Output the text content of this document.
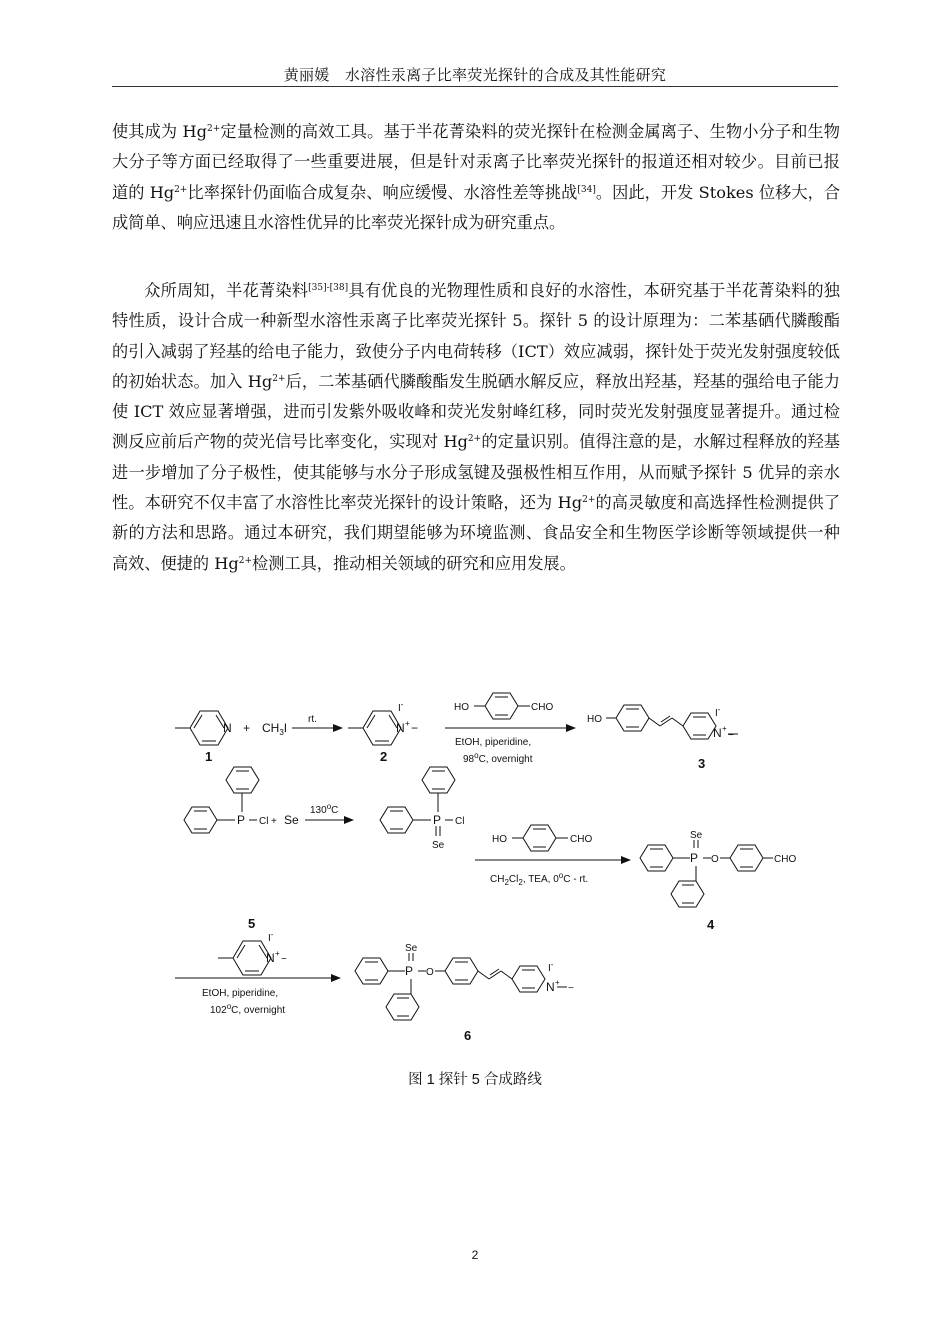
黄丽媛　水溶性汞离子比率荧光探针的合成及其性能研究
使其成为 $Hg^{2+}$定量检测的高效工具。基于半花菁染料的荧光探针在检测金属离子、生物小分子和生物大分子等方面已经取得了一些重要进展，但是针对汞离子比率荧光探针的报道还相对较少。目前已报道的 $Hg^{2+}$比率探针仍面临合成复杂、响应缓慢、水溶性差等挑战[34]。因此，开发 Stokes 位移大，合成简单、响应迅速且水溶性优异的比率荧光探针成为研究重点。
众所周知，半花菁染料[35]-[38]具有优良的光物理性质和良好的水溶性，本研究基于半花菁染料的独特性质，设计合成一种新型水溶性汞离子比率荧光探针 5。探针 5 的设计原理为：二苯基硒代膦酸酯的引入减弱了羟基的给电子能力，致使分子内电荷转移（ICT）效应减弱，探针处于荧光发射强度较低的初始状态。加入 $Hg^{2+}$后，二苯基硒代膦酸酯发生脱硒水解反应，释放出羟基，羟基的强给电子能力使 ICT 效应显著增强，进而引发紫外吸收峰和荧光发射峰红移，同时荧光发射强度显著提升。通过检测反应前后产物的荧光信号比率变化，实现对 $Hg^{2+}$的定量识别。值得注意的是，水解过程释放的羟基进一步增加了分子极性，使其能够与水分子形成氢键及强极性相互作用，从而赋予探针 5 优异的亲水性。本研究不仅丰富了水溶性比率荧光探针的设计策略，还为 $Hg^{2+}$的高灵敏度和高选择性检测提供了新的方法和思路。通过本研究，我们期望能够为环境监测、食品安全和生物医学诊断等领域提供一种高效、便捷的 $Hg^{2+}$检测工具，推动相关领域的研究和应用发展。
$N + CH_3I$
rt.
N + −
I-	HO	CHO
EtOH, piperidine,
98$^o$C, overnight
HO
N +
I-
−
P Cl + Se
130$^o$C
P Cl
Se
HO	CHO
$CH_2Cl_2$, TEA, 0$^o$C - rt.
P
Se
O	CHO
N +
−
I-
EtOH, piperidine,
102$^o$C, overnight
P
Se
O
N +
I-
−
1	2	3
5	4
6
图 1 探针 5 合成路线
2
